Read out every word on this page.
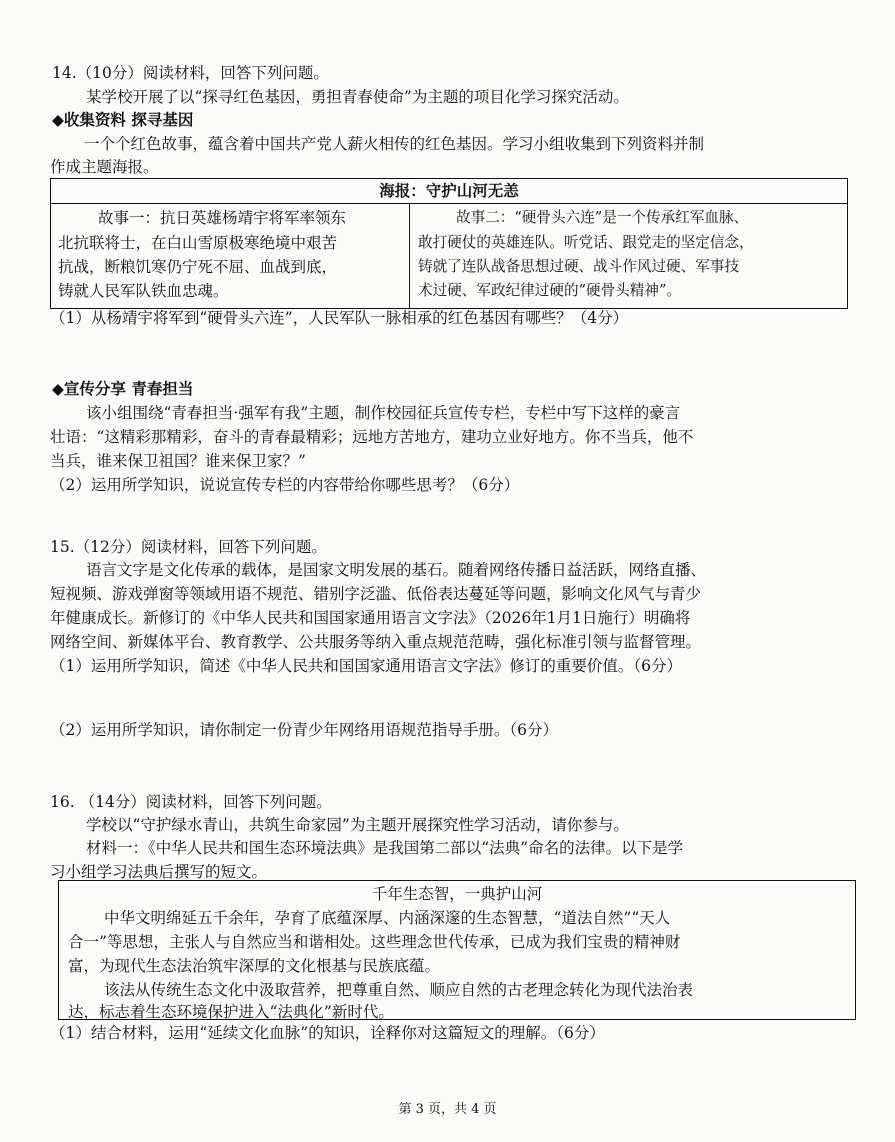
14.（10分）阅读材料，回答下列问题。
某学校开展了以“探寻红色基因，勇担青春使命”为主题的项目化学习探究活动。
◆收集资料 探寻基因
一个个红色故事，蕴含着中国共产党人薪火相传的红色基因。学习小组收集到下列资料并制
作成主题海报。
海报：守护山河无恙
故事一：抗日英雄杨靖宇将军率领东
北抗联将士，在白山雪原极寒绝境中艰苦
抗战，断粮饥寒仍宁死不屈、血战到底，
铸就人民军队铁血忠魂。
故事二：“硬骨头六连”是一个传承红军血脉、
敢打硬仗的英雄连队。听党话、跟党走的坚定信念，
铸就了连队战备思想过硬、战斗作风过硬、军事技
术过硬、军政纪律过硬的“硬骨头精神”。
（1）从杨靖宇将军到“硬骨头六连”，人民军队一脉相承的红色基因有哪些？（4分）
◆宣传分享 青春担当
该小组围绕“青春担当·强军有我”主题，制作校园征兵宣传专栏，专栏中写下这样的豪言
壮语：“这精彩那精彩，奋斗的青春最精彩；远地方苦地方，建功立业好地方。你不当兵，他不
当兵，谁来保卫祖国？谁来保卫家？”
（2）运用所学知识，说说宣传专栏的内容带给你哪些思考？（6分）
15.（12分）阅读材料，回答下列问题。
语言文字是文化传承的载体，是国家文明发展的基石。随着网络传播日益活跃，网络直播、
短视频、游戏弹窗等领域用语不规范、错别字泛滥、低俗表达蔓延等问题，影响文化风气与青少
年健康成长。新修订的《中华人民共和国国家通用语言文字法》（2026年1月1日施行）明确将
网络空间、新媒体平台、教育教学、公共服务等纳入重点规范范畴，强化标准引领与监督管理。
（1）运用所学知识，简述《中华人民共和国国家通用语言文字法》修订的重要价值。（6分）
（2）运用所学知识，请你制定一份青少年网络用语规范指导手册。（6分）
16. （14分）阅读材料，回答下列问题。
学校以“守护绿水青山，共筑生命家园”为主题开展探究性学习活动，请你参与。
材料一：《中华人民共和国生态环境法典》是我国第二部以“法典”命名的法律。以下是学
习小组学习法典后撰写的短文。
千年生态智，一典护山河
中华文明绵延五千余年，孕育了底蕴深厚、内涵深邃的生态智慧，“道法自然”“天人
合一”等思想，主张人与自然应当和谐相处。这些理念世代传承，已成为我们宝贵的精神财
富，为现代生态法治筑牢深厚的文化根基与民族底蕴。
该法从传统生态文化中汲取营养，把尊重自然、顺应自然的古老理念转化为现代法治表
达，标志着生态环境保护进入“法典化”新时代。
（1）结合材料，运用“延续文化血脉”的知识，诠释你对这篇短文的理解。（6分）
第 3 页，共 4 页
